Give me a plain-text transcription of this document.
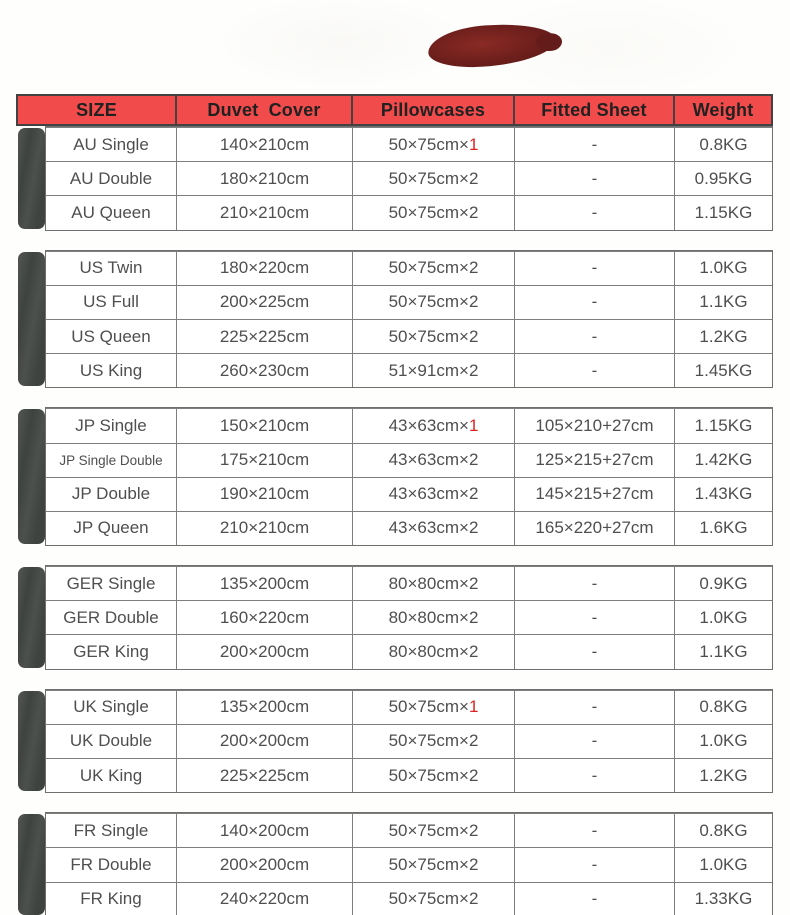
SIZE	Duvet Cover	Pillowcases	Fitted Sheet	Weight
AU Single	140×210cm	50×75cm× 1	-	0.8KG
AU Double	180×210cm	50×75cm× 2	-	0.95KG
AU Queen	210×210cm	50×75cm× 2	-	1.15KG
US Twin	180×220cm	50×75cm× 2	-	1.0KG
US Full	200×225cm	50×75cm× 2	-	1.1KG
US Queen	225×225cm	50×75cm× 2	-	1.2KG
US King	260×230cm	51×91cm× 2	-	1.45KG
JP Single	150×210cm	43×63cm× 1	105×210+27cm	1.15KG
JP Single Double	175×210cm	43×63cm× 2	125×215+27cm	1.42KG
JP Double	190×210cm	43×63cm× 2	145×215+27cm	1.43KG
JP Queen	210×210cm	43×63cm× 2	165×220+27cm	1.6KG
GER Single	135×200cm	80×80cm× 2	-	0.9KG
GER Double	160×220cm	80×80cm× 2	-	1.0KG
GER King	200×200cm	80×80cm× 2	-	1.1KG
UK Single	135×200cm	50×75cm× 1	-	0.8KG
UK Double	200×200cm	50×75cm× 2	-	1.0KG
UK King	225×225cm	50×75cm× 2	-	1.2KG
FR Single	140×200cm	50×75cm× 2	-	0.8KG
FR Double	200×200cm	50×75cm× 2	-	1.0KG
FR King	240×220cm	50×75cm× 2	-	1.33KG
